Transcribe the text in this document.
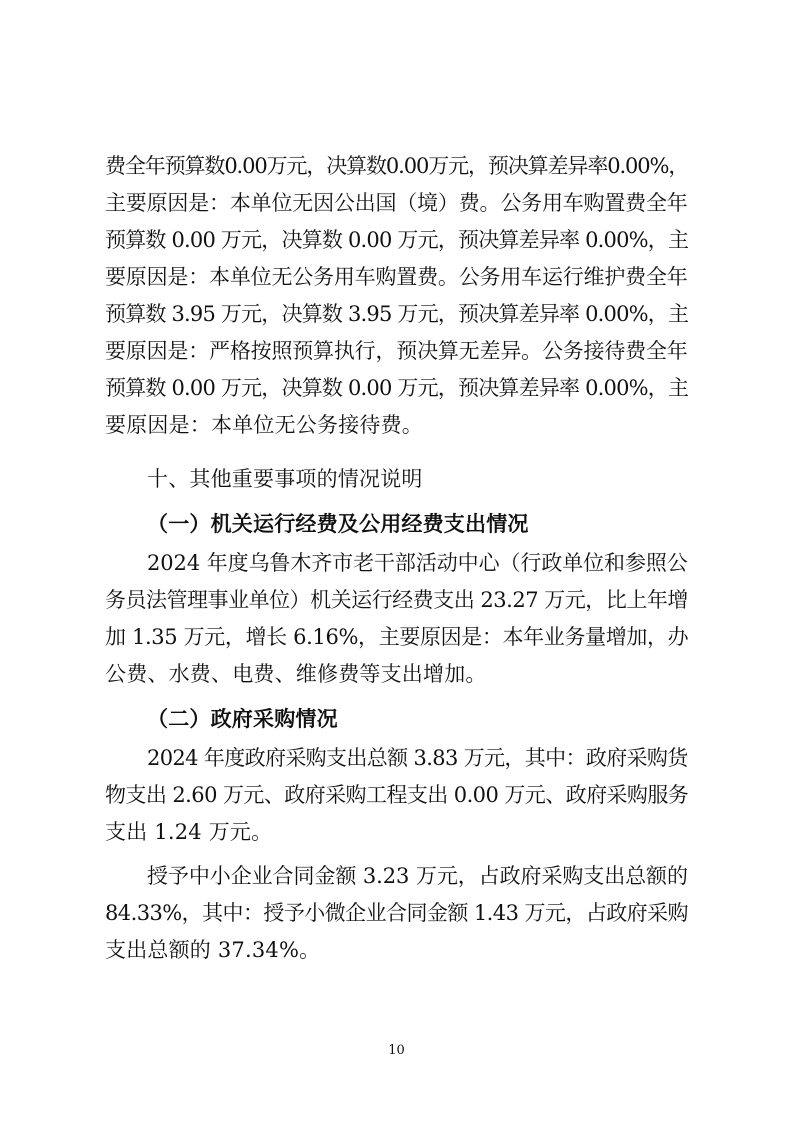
费全年预算数0.00万元，决算数0.00万元，预决算差异率0.00%，
主要原因是：本单位无因公出国（境）费。公务用车购置费全年
预算数 0.00 万元，决算数 0.00 万元，预决算差异率 0.00%，主
要原因是：本单位无公务用车购置费。公务用车运行维护费全年
预算数 3.95 万元，决算数 3.95 万元，预决算差异率 0.00%，主
要原因是：严格按照预算执行，预决算无差异。公务接待费全年
预算数 0.00 万元，决算数 0.00 万元，预决算差异率 0.00%，主
要原因是：本单位无公务接待费。
十、其他重要事项的情况说明
（一）机关运行经费及公用经费支出情况
2024 年度乌鲁木齐市老干部活动中心（行政单位和参照公
务员法管理事业单位）机关运行经费支出 23.27 万元，比上年增
加 1.35 万元，增长 6.16%，主要原因是：本年业务量增加，办
公费、水费、电费、维修费等支出增加。
（二）政府采购情况
2024 年度政府采购支出总额 3.83 万元，其中：政府采购货
物支出 2.60 万元、政府采购工程支出 0.00 万元、政府采购服务
支出 1.24 万元。
授予中小企业合同金额 3.23 万元，占政府采购支出总额的
84.33%，其中：授予小微企业合同金额 1.43 万元，占政府采购
支出总额的 37.34%。
10
